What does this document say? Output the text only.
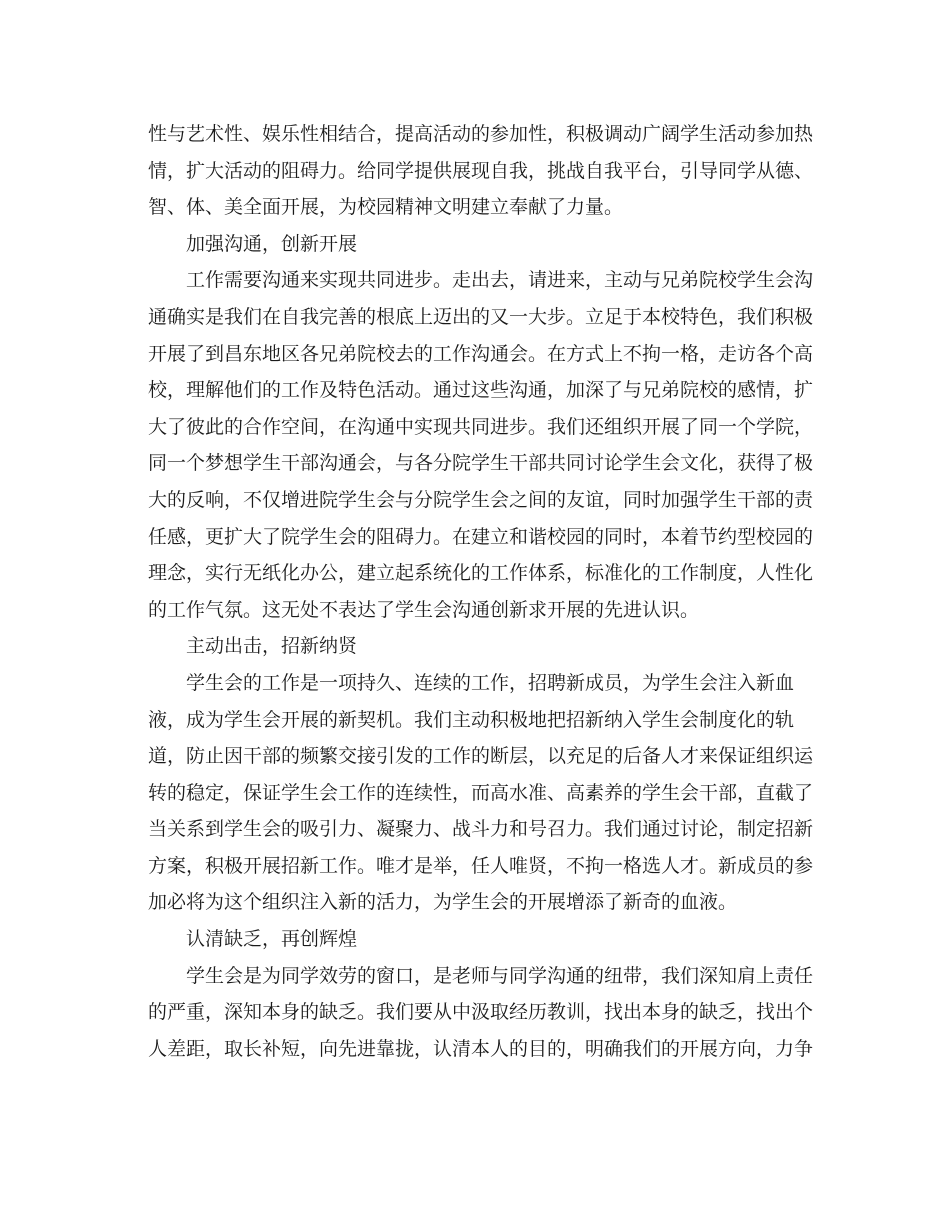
性与艺术性、娱乐性相结合，提高活动的参加性，积极调动广阔学生活动参加热
情，扩大活动的阻碍力。给同学提供展现自我，挑战自我平台，引导同学从德、
智、体、美全面开展，为校园精神文明建立奉献了力量。
加强沟通，创新开展
工作需要沟通来实现共同进步。走出去，请进来，主动与兄弟院校学生会沟
通确实是我们在自我完善的根底上迈出的又一大步。立足于本校特色，我们积极
开展了到昌东地区各兄弟院校去的工作沟通会。在方式上不拘一格，走访各个高
校，理解他们的工作及特色活动。通过这些沟通，加深了与兄弟院校的感情，扩
大了彼此的合作空间，在沟通中实现共同进步。我们还组织开展了同一个学院，
同一个梦想学生干部沟通会，与各分院学生干部共同讨论学生会文化，获得了极
大的反响，不仅增进院学生会与分院学生会之间的友谊，同时加强学生干部的责
任感，更扩大了院学生会的阻碍力。在建立和谐校园的同时，本着节约型校园的
理念，实行无纸化办公，建立起系统化的工作体系，标准化的工作制度，人性化
的工作气氛。这无处不表达了学生会沟通创新求开展的先进认识。
主动出击，招新纳贤
学生会的工作是一项持久、连续的工作，招聘新成员，为学生会注入新血
液，成为学生会开展的新契机。我们主动积极地把招新纳入学生会制度化的轨
道，防止因干部的频繁交接引发的工作的断层，以充足的后备人才来保证组织运
转的稳定，保证学生会工作的连续性，而高水准、高素养的学生会干部，直截了
当关系到学生会的吸引力、凝聚力、战斗力和号召力。我们通过讨论，制定招新
方案，积极开展招新工作。唯才是举，任人唯贤，不拘一格选人才。新成员的参
加必将为这个组织注入新的活力，为学生会的开展增添了新奇的血液。
认清缺乏，再创辉煌
学生会是为同学效劳的窗口，是老师与同学沟通的纽带，我们深知肩上责任
的严重，深知本身的缺乏。我们要从中汲取经历教训，找出本身的缺乏，找出个
人差距，取长补短，向先进靠拢，认清本人的目的，明确我们的开展方向，力争
